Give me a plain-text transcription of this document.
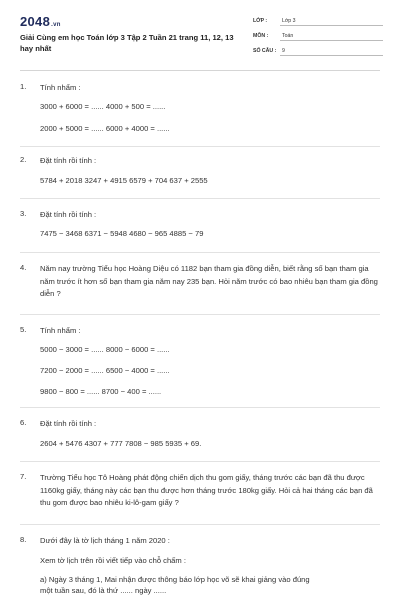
2048.vn
Giải Cùng em học Toán lớp 3 Tập 2 Tuần 21 trang 11, 12, 13 hay nhất
LỚP :	Lớp 3
MÔN :	Toán
SỐ CÂU : 9
1.	Tính nhẩm :
3000 + 6000 = ...... 4000 + 500 = ......
2000 + 5000 = ...... 6000 + 4000 = ......
2.	Đặt tính rồi tính :
5784 + 2018 3247 + 4915 6579 + 704 637 + 2555
3.	Đặt tính rồi tính :
7475 − 3468 6371 − 5948 4680 − 965 4885 − 79
4.	Năm nay trường Tiểu học Hoàng Diệu có 1182 bạn tham gia đồng diễn, biết rằng số bạn tham gia năm trước ít hơn số bạn tham gia năm nay 235 bạn. Hỏi năm trước có bao nhiêu bạn tham gia đồng diễn ?
5.	Tính nhẩm :
5000 − 3000 = ...... 8000 − 6000 = ......
7200 − 2000 = ...... 6500 − 4000 = ......
9800 − 800 = ...... 8700 − 400 = ......
6.	Đặt tính rồi tính :
2604 + 5476 4307 + 777 7808 − 985 5935 + 69.
7.	Trường Tiểu học Tô Hoàng phát động chiến dịch thu gom giấy, tháng trước các bạn đã thu được 1160kg giấy, tháng này các bạn thu được hơn tháng trước 180kg giấy. Hỏi cả hai tháng các bạn đã thu gom được bao nhiêu ki-lô-gam giấy ?
8.	Dưới đây là tờ lịch tháng 1 năm 2020 :
Xem tờ lịch trên rồi viết tiếp vào chỗ chấm :
a) Ngày 3 tháng 1, Mai nhận được thông báo lớp học võ sẽ khai giảng vào đúng
một tuần sau, đó là thứ ...... ngày ......
